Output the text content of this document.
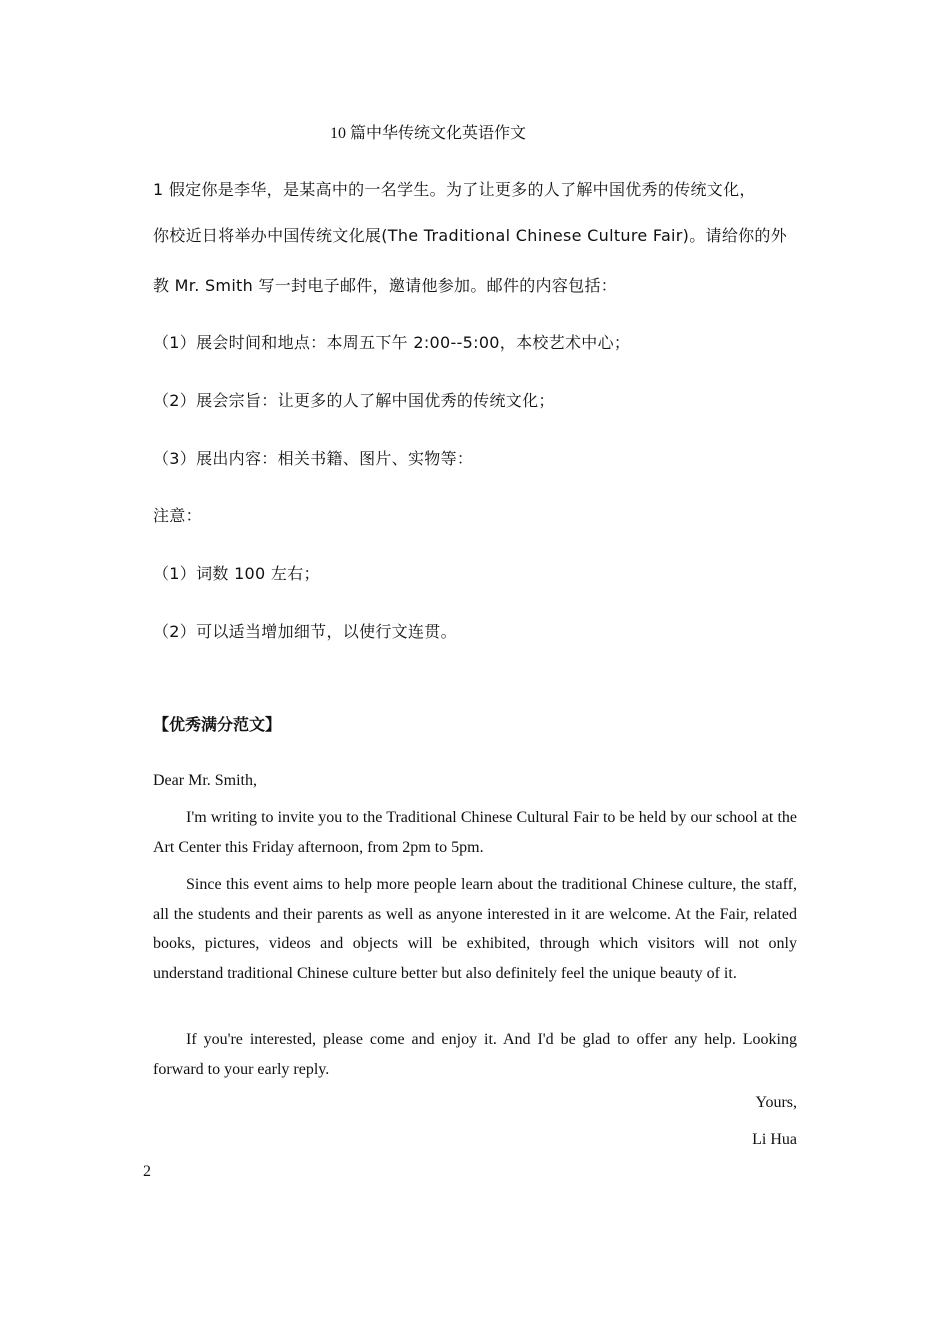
10 篇中华传统文化英语作文
1 假定你是李华，是某高中的一名学生。为了让更多的人了解中国优秀的传统文化，
你校近日将举办中国传统文化展(The Traditional Chinese Culture Fair)。请给你的外
教 Mr. Smith 写一封电子邮件，邀请他参加。邮件的内容包括：
（1）展会时间和地点：本周五下午 2:00--5:00，本校艺术中心；
（2）展会宗旨：让更多的人了解中国优秀的传统文化；
（3）展出内容：相关书籍、图片、实物等：
注意：
（1）词数 100 左右；
（2）可以适当增加细节，以使行文连贯。
【优秀满分范文】
Dear Mr. Smith,
I'm writing to invite you to the Traditional Chinese Cultural Fair to be held by our school at the Art Center this Friday afternoon, from 2pm to 5pm.
Since this event aims to help more people learn about the traditional Chinese culture, the staff, all the students and their parents as well as anyone interested in it are welcome. At the Fair, related books, pictures, videos and objects will be exhibited, through which visitors will not only understand traditional Chinese culture better but also definitely feel the unique beauty of it.
If you're interested, please come and enjoy it. And I'd be glad to offer any help. Looking forward to your early reply.
Yours,
Li Hua
2
